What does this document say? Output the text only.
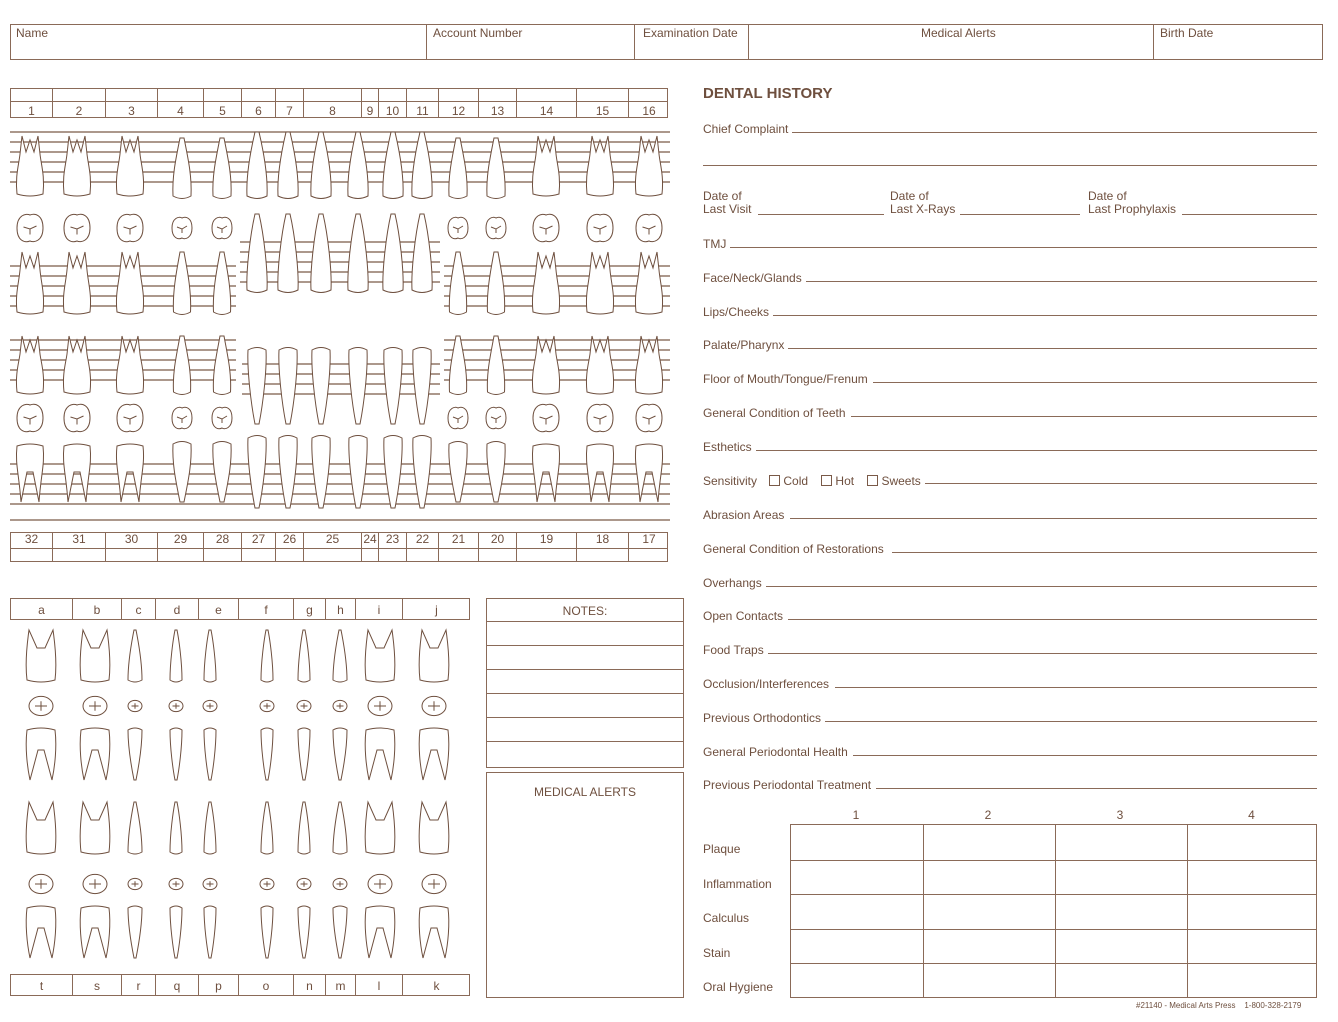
Name	Account Number	Examination Date	Medical Alerts	Birth Date
1	2	3	4	5	6	7	8	9	10	11	12	13	14	15	16
32	31	30	29	28	27	26	25	24 23	22	21	20	19	18	17
a	b	c	d	e	f	g	h	i	j
t	s	r	q	p	o	n	m	l	k
NOTES:
MEDICAL ALERTS
DENTAL HISTORY
Chief Complaint
Date of
Last Visit
Date of
Last X-Rays
Date of
Last Prophylaxis
TMJ
Face/Neck/Glands
Lips/Cheeks
Palate/Pharynx
Floor of Mouth/Tongue/Frenum
General Condition of Teeth
Esthetics
Sensitivity Cold Hot Sweets
Abrasion Areas
General Condition of Restorations
Overhangs
Open Contacts
Food Traps
Occlusion/Interferences
Previous Orthodontics
General Periodontal Health
Previous Periodontal Treatment
1	2	3	4
Plaque
Inflammation
Calculus
Stain
Oral Hygiene
#21140 - Medical Arts Press    1-800-328-2179
